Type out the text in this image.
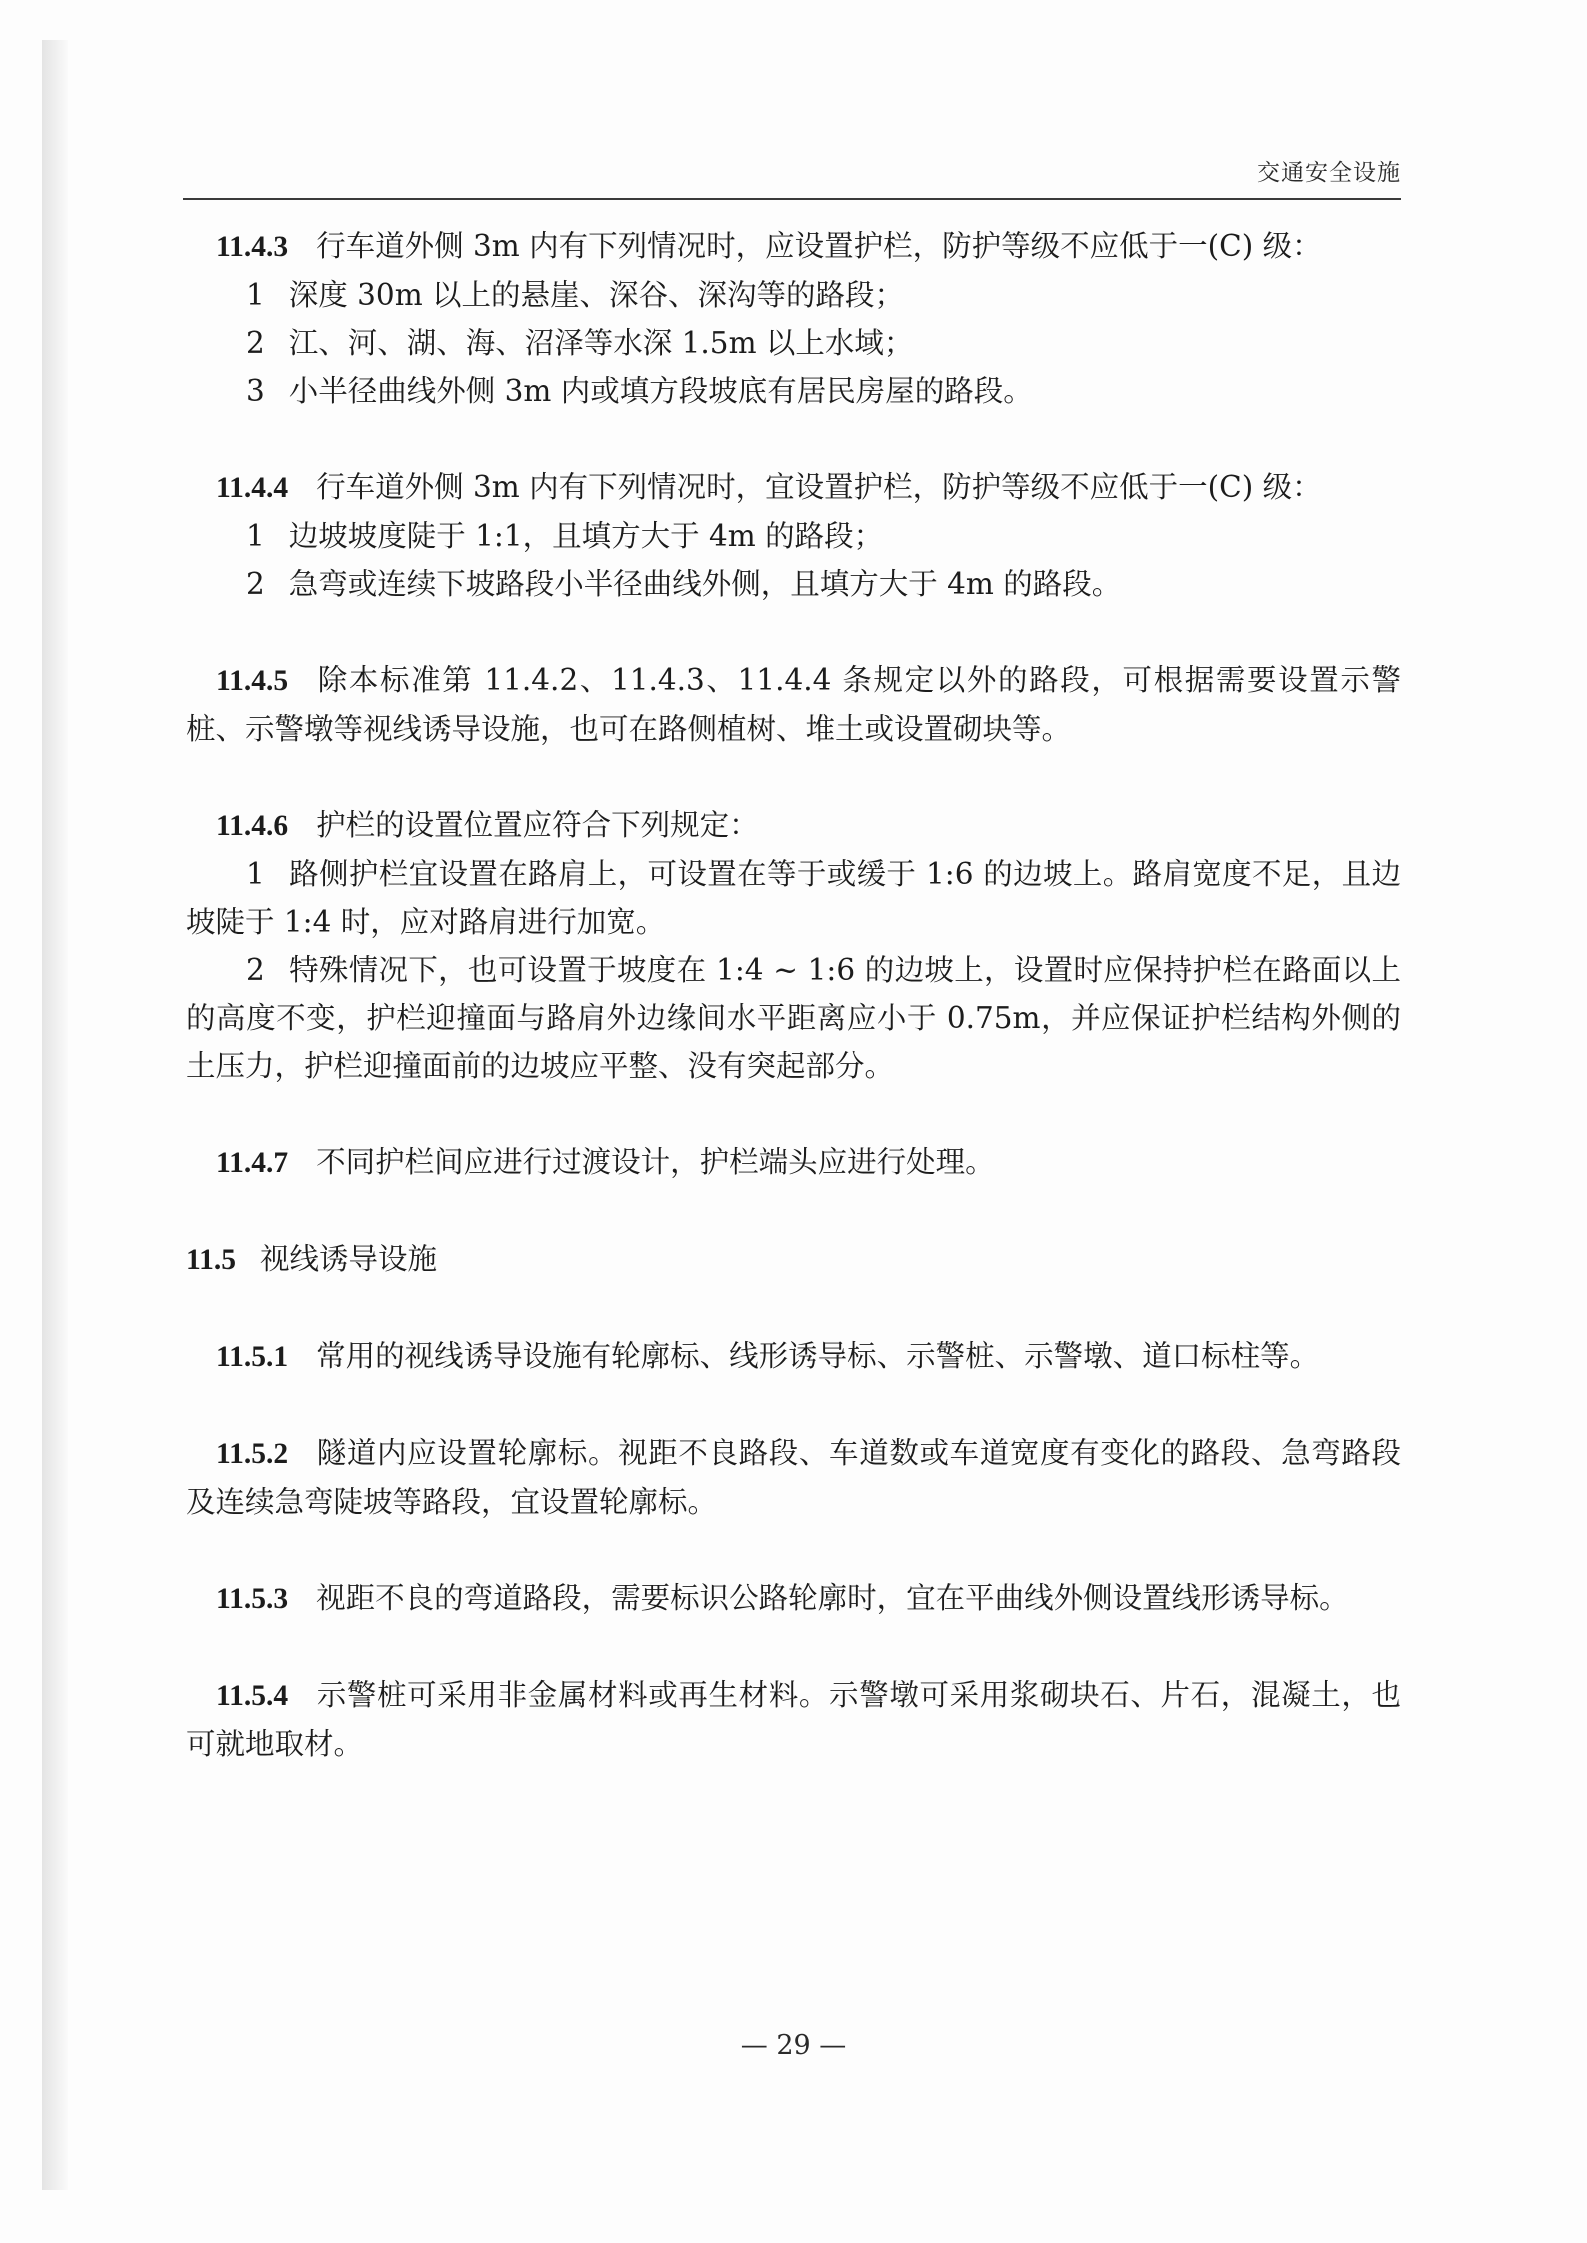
交通安全设施

11.4.3 行车道外侧 3m 内有下列情况时，应设置护栏，防护等级不应低于一(C) 级：

1 深度 30m 以上的悬崖、深谷、深沟等的路段；

2 江、河、湖、海、沼泽等水深 1.5m 以上水域；

3 小半径曲线外侧 3m 内或填方段坡底有居民房屋的路段。

11.4.4 行车道外侧 3m 内有下列情况时，宜设置护栏，防护等级不应低于一(C) 级：

1 边坡坡度陡于 1:1，且填方大于 4m 的路段；

2 急弯或连续下坡路段小半径曲线外侧，且填方大于 4m 的路段。

11.4.5 除本标准第 11.4.2、11.4.3、11.4.4 条规定以外的路段，可根据需要设置示警桩、示警墩等视线诱导设施，也可在路侧植树、堆土或设置砌块等。

11.4.6 护栏的设置位置应符合下列规定：

1 路侧护栏宜设置在路肩上，可设置在等于或缓于 1:6 的边坡上。路肩宽度不足，且边坡陡于 1:4 时，应对路肩进行加宽。

2 特殊情况下，也可设置于坡度在 1:4 ~ 1:6 的边坡上，设置时应保持护栏在路面以上的高度不变，护栏迎撞面与路肩外边缘间水平距离应小于 0.75m，并应保证护栏结构外侧的土压力，护栏迎撞面前的边坡应平整、没有突起部分。

11.4.7 不同护栏间应进行过渡设计，护栏端头应进行处理。

11.5 视线诱导设施

11.5.1 常用的视线诱导设施有轮廓标、线形诱导标、示警桩、示警墩、道口标柱等。

11.5.2 隧道内应设置轮廓标。视距不良路段、车道数或车道宽度有变化的路段、急弯路段及连续急弯陡坡等路段，宜设置轮廓标。

11.5.3 视距不良的弯道路段，需要标识公路轮廓时，宜在平曲线外侧设置线形诱导标。

11.5.4 示警桩可采用非金属材料或再生材料。示警墩可采用浆砌块石、片石，混凝土，也可就地取材。

— 29 —
